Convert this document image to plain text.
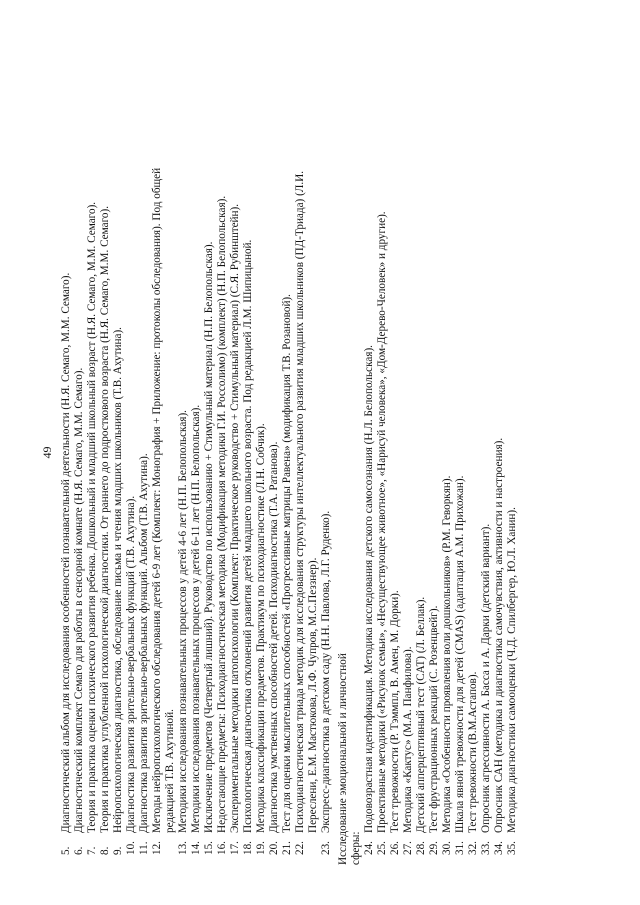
49
5.
Диагностический альбом для исследования особенностей познавательной деятельности (Н.Я. Семаго, М.М. Семаго).
6.
Диагностический комплект Семаго для работы в сенсорной комнате (Н.Я. Семаго, М.М. Семаго).
7.
Теория и практика оценки психического развития ребенка. Дошкольный и младший школьный возраст (Н.Я. Семаго, М.М. Семаго).
8.
Теория и практика углубленной психологической диагностики. От раннего до подросткового возраста (Н.Я. Семаго, М.М. Семаго).
9.
Нейропсихологическая диагностика, обследование письма и чтения младших школьников (Т.В. Ахутина).
10.
Диагностика развития зрительно-вербальных функций (Т.В. Ахутина).
11.
Диагностика развития зрительно-вербальных функций. Альбом (Т.В. Ахутина).
12.
Методы нейропсихологического обследования детей 6-9 лет (Комплект: Монография + Приложение: протоколы обследования). Под общей редакцией Т.В. Ахутиной.
13.
Методики исследования познавательных процессов у детей 4-6 лет (Н.П. Белопольская).
14.
Методики исследования познавательных процессов у детей 6-11 лет (Н.П. Белопольская).
15.
Исключение предметов (Четвертый лишний). Руководство по использованию + Стимульный материал (Н.П. Белопольская).
16.
Недостающие предметы: Психодиагностическая методика (Модификация методики Г.И. Россолимо) (комплект) (Н.П. Белопольская).
17.
Экспериментальные методики патопсихологии (Комплект: Практическое руководство + Стимульный материал) (С.Я. Рубинштейн).
18.
Психологическая диагностика отклонений развития детей младшего школьного возраста. Под редакцией Л.М. Шипицыной.
19.
Методика классификации предметов. Практикум по психодиагностике (Л.Н. Собчик).
20.
Диагностика умственных способностей детей. Психодиагностика (Т.А. Ратанова).
21.
Тест для оценки мыслительных способностей «Прогрессивные матрицы Равена» (модификация Т.В. Розановой).
22.
Психодиагностическая триада методик для исследования структуры интеллектуального развития младших школьников (ПД-Триада) (Л.И. Переслени, Е.М. Мастюкова, Л.Ф. Чупров, М.С.Пеззнер).
23.
Экспресс-диагностика в детском саду (Н.Н. Павлова, Л.Г. Руденко). Исследование эмоциональной и личностной сферы: 24.
Подовозрастная идентификация. Методика исследования детского самосознания (Н.Л. Белопольская).
25.
Проективные методики («Рисунок семьи», «Несуществующее животное», «Нарисуй человека», «Дом-Дерево-Человек» и другие).
26.
Тест тревожности (Р. Тэммпл, В. Амен, М. Дорки).
27.
Методика «Кактус» (М.А. Панфилова).
28.
Детский апперцептивный тест (CAT) (Л. Беллак).
29.
Тест фрустрационных реакций (С. Розенцвейг).
30.
Методика «Особенности проявления воли дошкольников» (Р.М. Геворкян).
31.
Шкала явной тревожности для детей (CMAS) (адаптация А.М. Прихожан).
32.
Тест тревожности (В.М.Астапов).
33.
Опросник агрессивности А. Басса и А. Дарки (детский вариант).
34.
Опросник САН (методика и диагностика самочувствия, активности и настроения).
35.
Методика диагностики самооценки (Ч.Д. Спилбергер, Ю.Л. Ханин).
